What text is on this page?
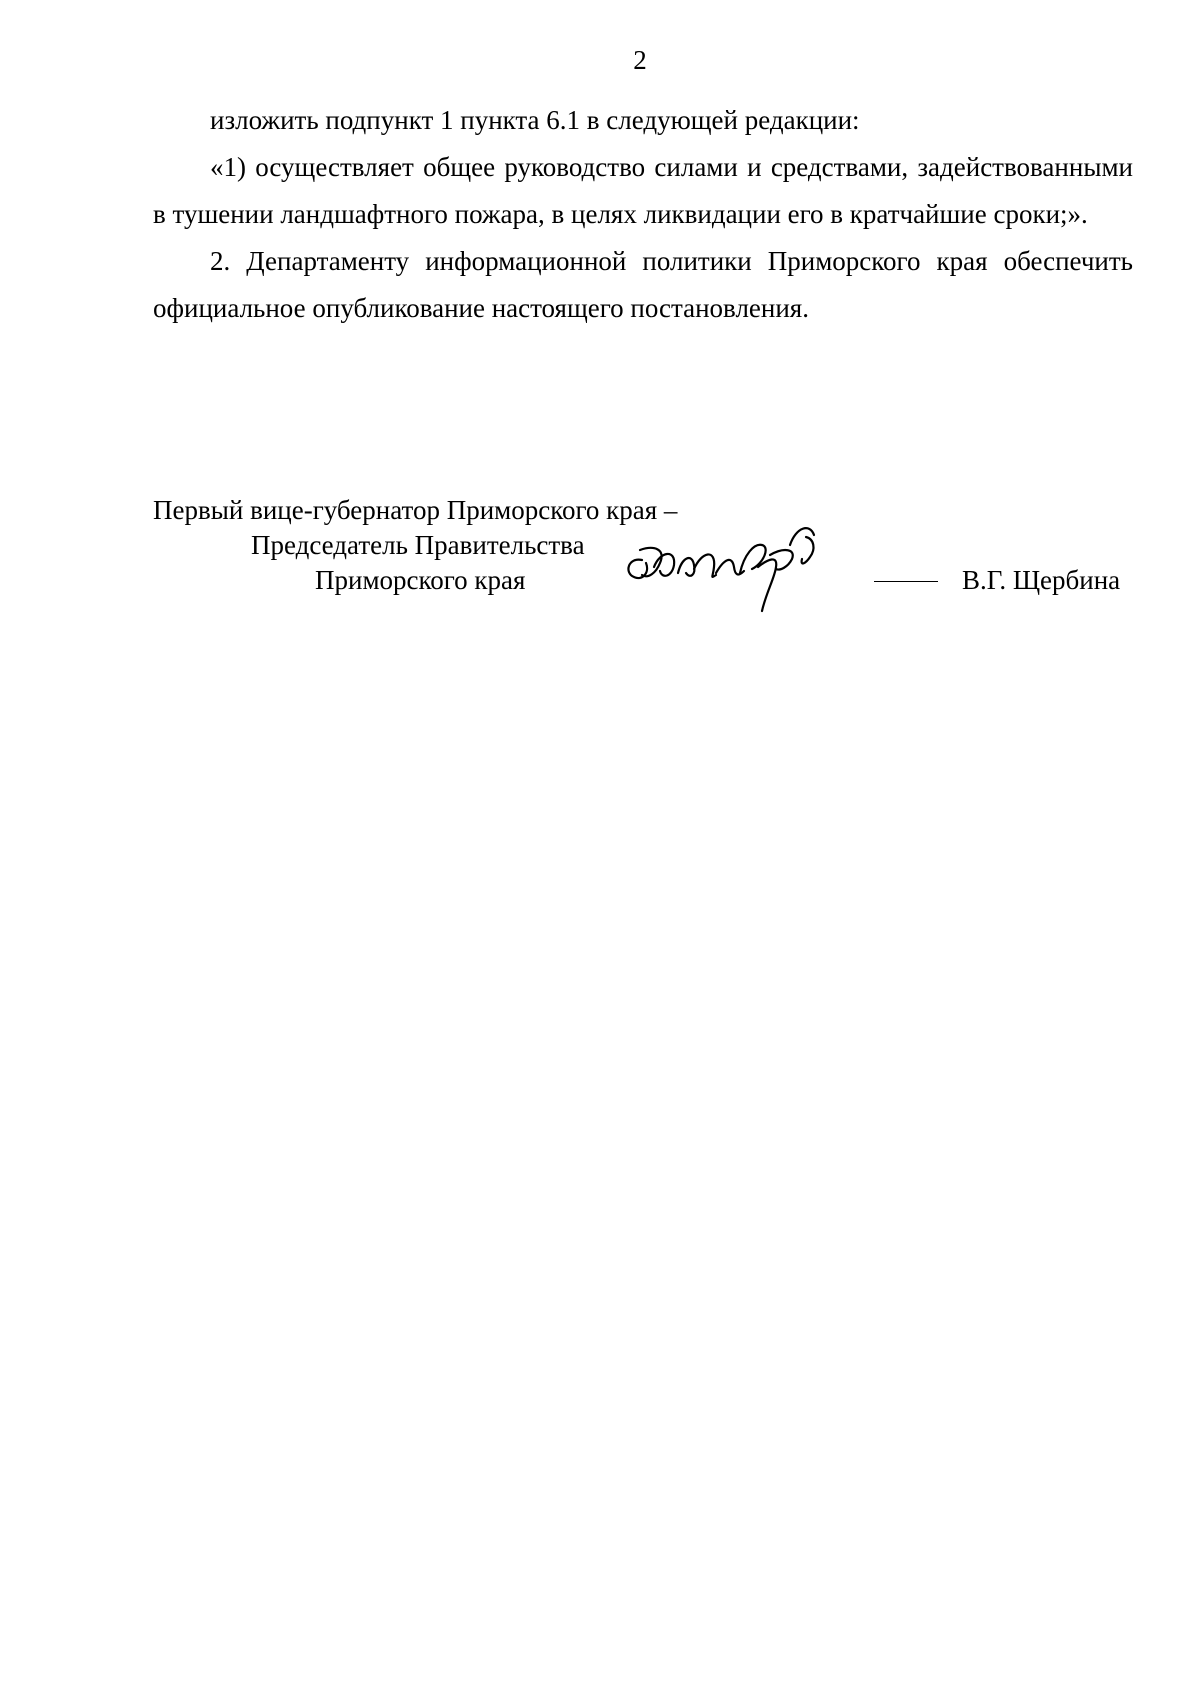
2

изложить подпункт 1 пункта 6.1 в следующей редакции:

«1) осуществляет общее руководство силами и средствами, задействованными в тушении ландшафтного пожара, в целях ликвидации его в кратчайшие сроки;».

2. Департаменту информационной политики Приморского края обеспечить официальное опубликование настоящего постановления.

Первый вице-губернатор Приморского края –
Председатель Правительства
Приморского края	В.Г. Щербина
